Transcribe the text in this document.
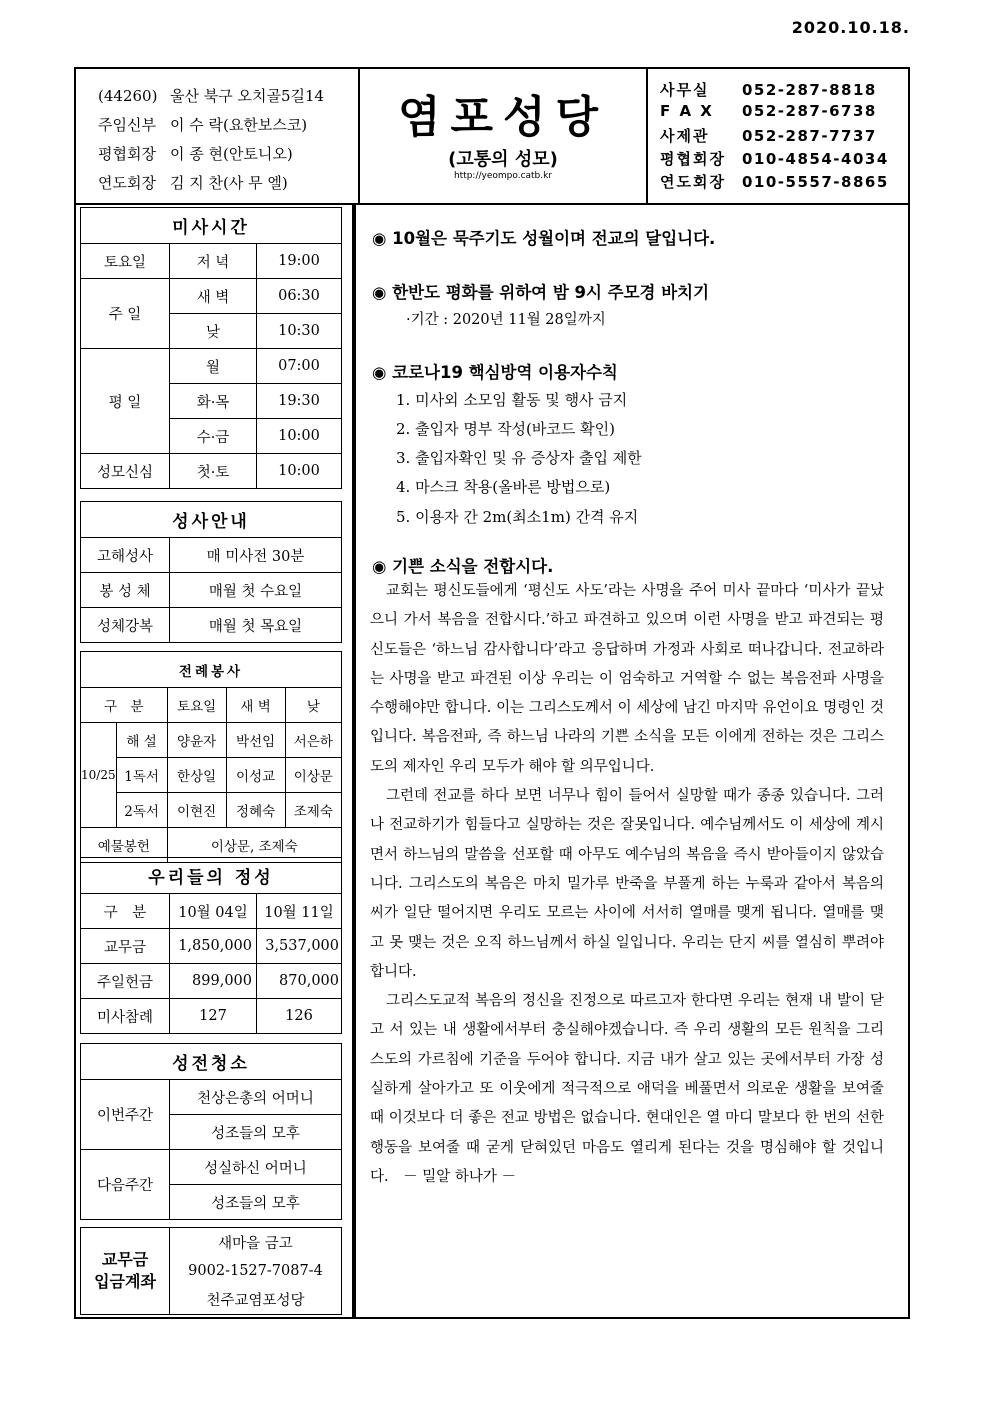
2020.10.18.
(44260) 울산 북구 오치골5길14
주임신부 이 수 락(요한보스코)
평협회장 이 종 현(안토니오)
연도회장 김 지 찬(사 무 엘)
염포성당
(고통의 성모)
http://yeompo.catb.kr
사무실 052-287-8818
F A X 052-287-6738
사제관 052-287-7737
평협회장 010-4854-4034
연도회장 010-5557-8865
미사시간		
토요일	저 녁	19:00
주 일	새 벽	06:30
	낮	10:30
평 일	월	07:00
	화·목	19:30
	수·금	10:00
성모신심	첫·토	10:00
성사안내	
고해성사	매 미사전 30분
봉 성 체	매월 첫 수요일
성체강복	매월 첫 목요일
전례봉사				
구　분		토요일	새 벽	낮
10/25	해 설	양윤자	박선임	서은하
	1독서	한상일	이성교	이상문
	2독서	이현진	정혜숙	조제숙
예물봉헌		이상문, 조제숙		
우리들의 정성		
구　분	10월 04일	10월 11일
교무금	1,850,000	3,537,000
주일헌금	899,000	870,000
미사참례	127	126
성전청소	
이번주간	천상은총의 어머니
	성조들의 모후
다음주간	성실하신 어머니
	성조들의 모후
교무금
입금계좌
	새마을 금고
9002-1527-7087-4
천주교염포성당
◉ 10월은 묵주기도 성월이며 전교의 달입니다.
◉ 한반도 평화를 위하여 밤 9시 주모경 바치기
·기간 : 2020년 11월 28일까지
◉ 코로나19 핵심방역 이용자수칙
1. 미사외 소모임 활동 및 행사 금지
2. 출입자 명부 작성(바코드 확인)
3. 출입자확인 및 유 증상자 출입 제한
4. 마스크 착용(올바른 방법으로)
5. 이용자 간 2m(최소1m) 간격 유지
◉ 기쁜 소식을 전합시다.

교회는 평신도들에게 ‘평신도 사도’라는 사명을 주어 미사 끝마다 ‘미사가 끝났으니 가서 복음을 전합시다.’하고 파견하고 있으며 이런 사명을 받고 파견되는 평신도들은 ‘하느님 감사합니다’라고 응답하며 가정과 사회로 떠나갑니다. 전교하라는 사명을 받고 파견된 이상 우리는 이 엄숙하고 거역할 수 없는 복음전파 사명을 수행해야만 합니다. 이는 그리스도께서 이 세상에 남긴 마지막 유언이요 명령인 것입니다. 복음전파, 즉 하느님 나라의 기쁜 소식을 모든 이에게 전하는 것은 그리스도의 제자인 우리 모두가 해야 할 의무입니다.

그런데 전교를 하다 보면 너무나 힘이 들어서 실망할 때가 종종 있습니다. 그러나 전교하기가 힘들다고 실망하는 것은 잘못입니다. 예수님께서도 이 세상에 계시면서 하느님의 말씀을 선포할 때 아무도 예수님의 복음을 즉시 받아들이지 않았습니다. 그리스도의 복음은 마치 밀가루 반죽을 부풀게 하는 누룩과 같아서 복음의 씨가 일단 떨어지면 우리도 모르는 사이에 서서히 열매를 맺게 됩니다. 열매를 맺고 못 맺는 것은 오직 하느님께서 하실 일입니다. 우리는 단지 씨를 열심히 뿌려야 합니다.

그리스도교적 복음의 정신을 진정으로 따르고자 한다면 우리는 현재 내 발이 닫고 서 있는 내 생활에서부터 충실해야겠습니다. 즉 우리 생활의 모든 원칙을 그리스도의 가르침에 기준을 두어야 합니다. 지금 내가 살고 있는 곳에서부터 가장 성실하게 살아가고 또 이웃에게 적극적으로 애덕을 베풀면서 의로운 생활을 보여줄 때 이것보다 더 좋은 전교 방법은 없습니다. 현대인은 열 마디 말보다 한 번의 선한 행동을 보여줄 때 굳게 닫혀있던 마음도 열리게 된다는 것을 명심해야 할 것입니다.　－ 밀알 하나가 －
